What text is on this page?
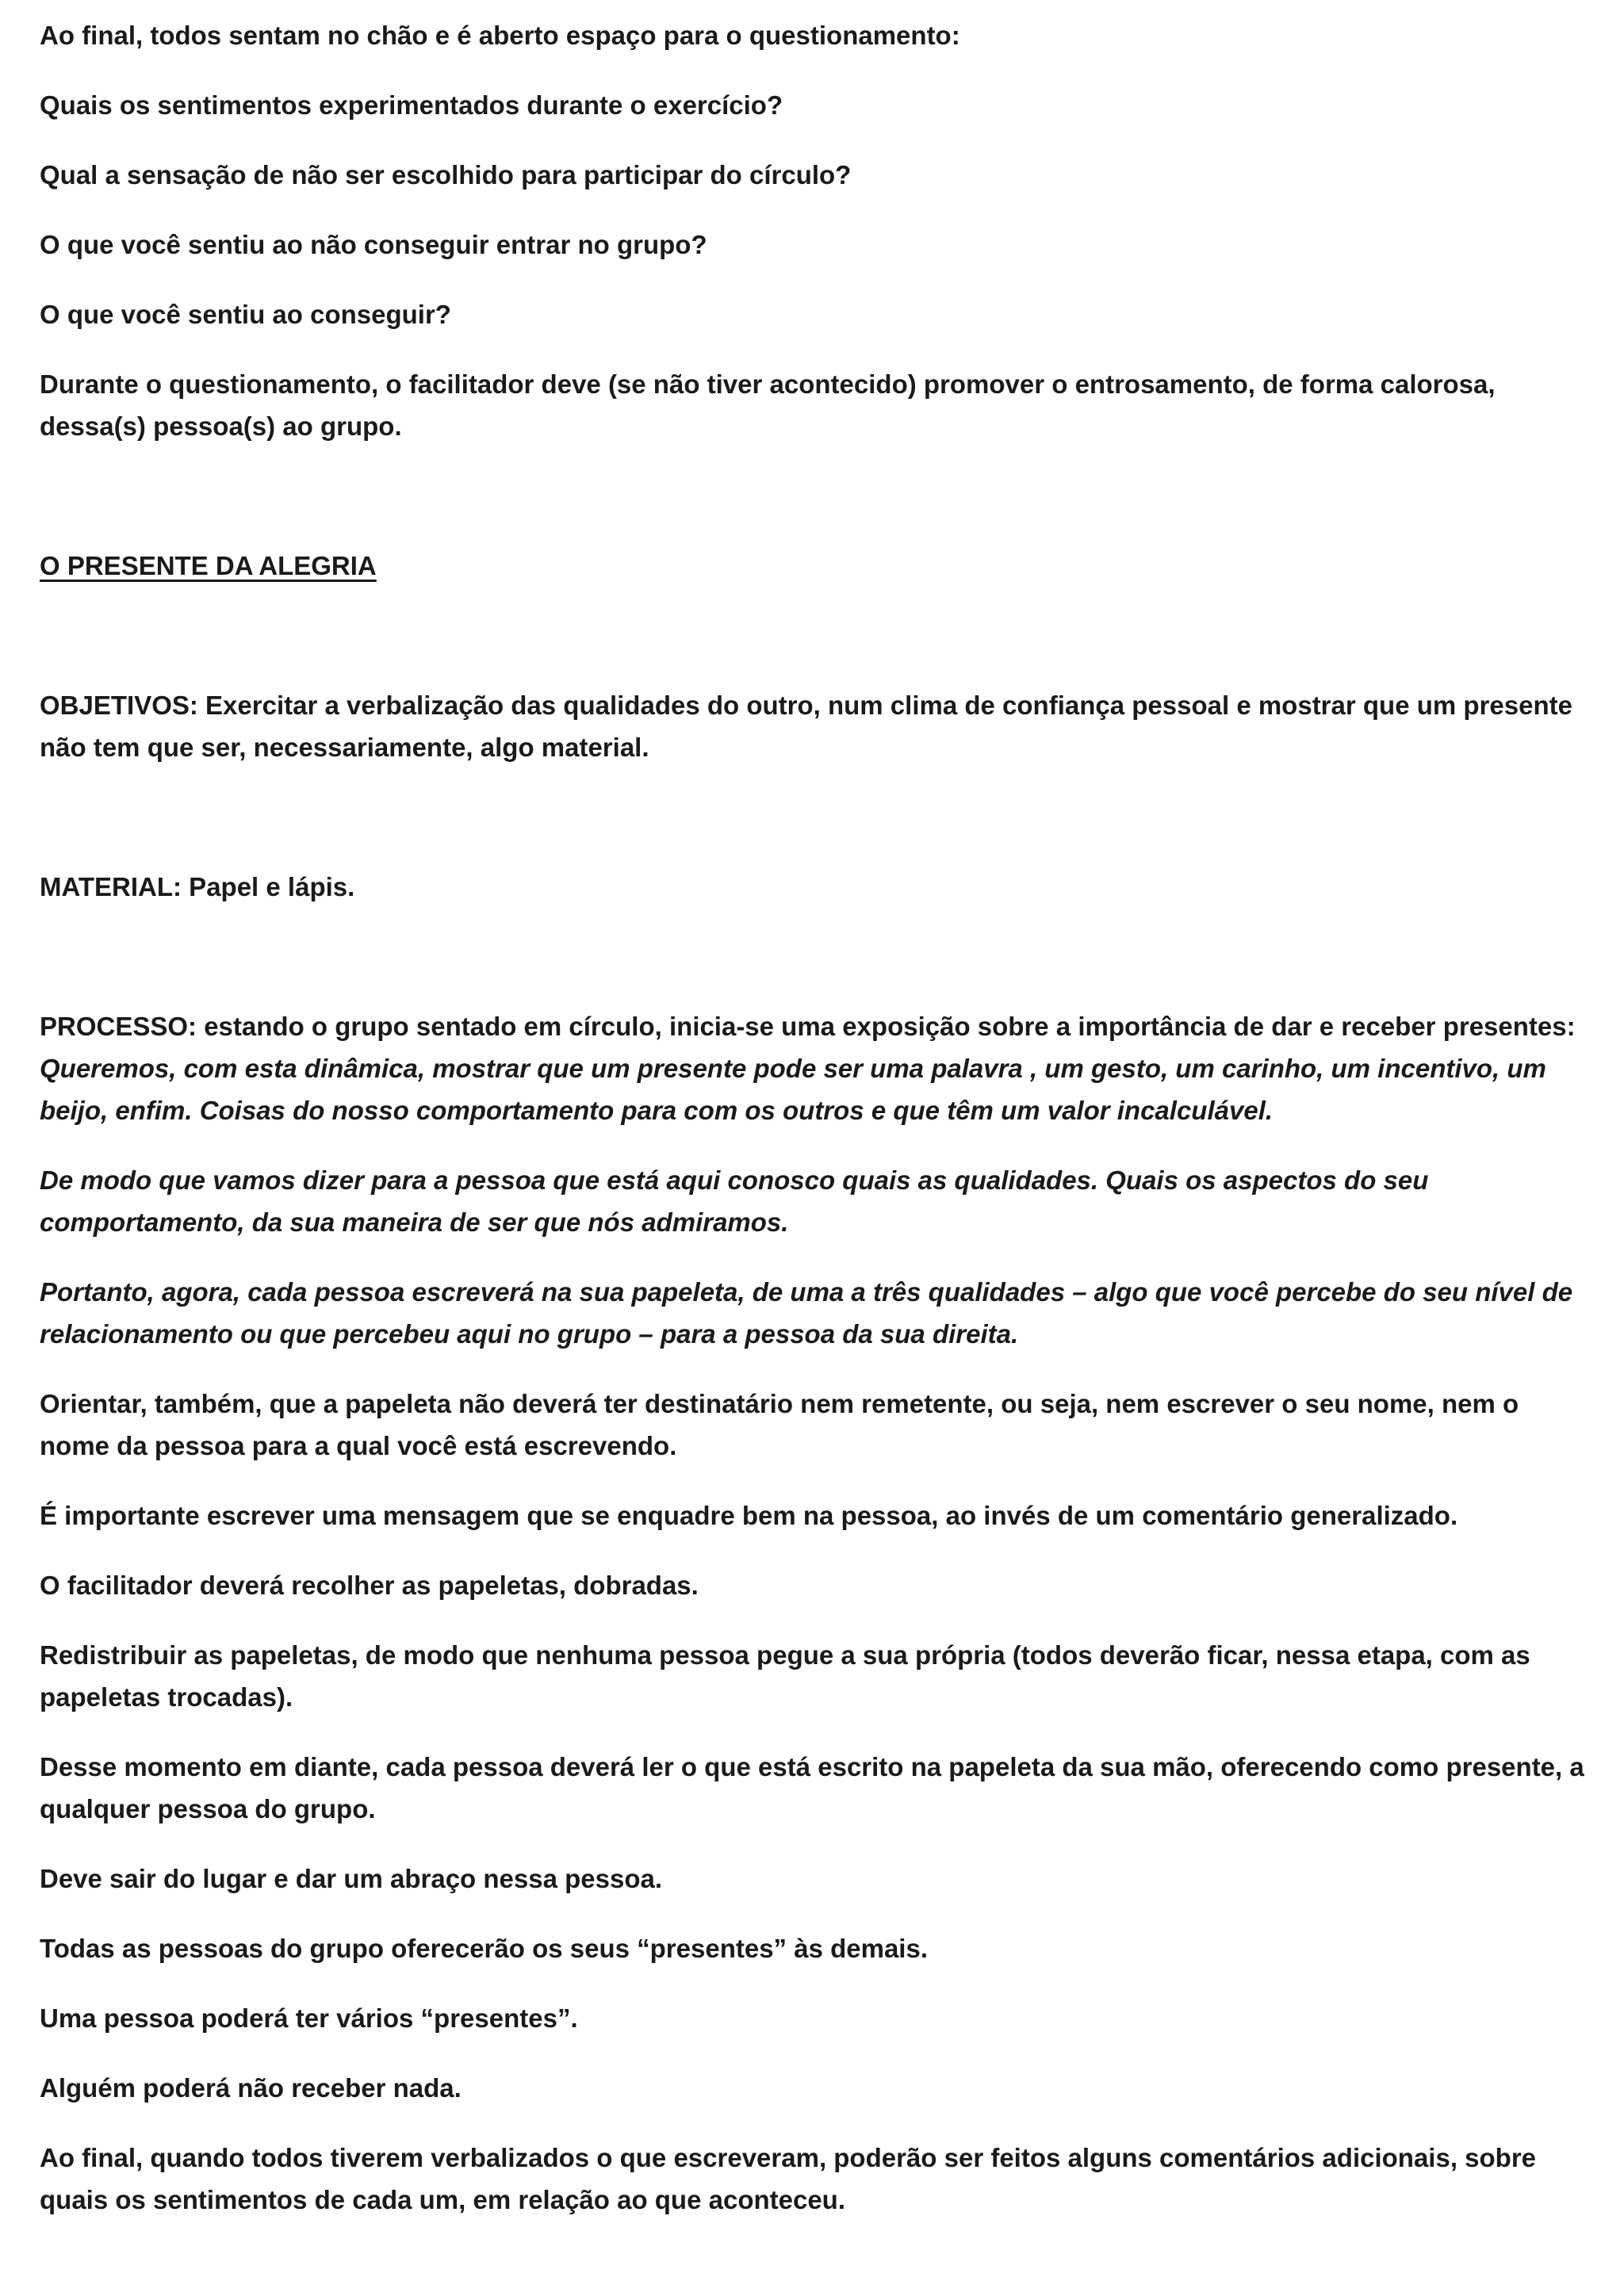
Ao final, todos sentam no chão e é aberto espaço para o questionamento:

Quais os sentimentos experimentados durante o exercício?

Qual a sensação de não ser escolhido para participar do círculo?

O que você sentiu ao não conseguir entrar no grupo?

O que você sentiu ao conseguir?

Durante o questionamento, o facilitador deve (se não tiver acontecido) promover o entrosamento, de forma calorosa, dessa(s) pessoa(s) ao grupo.

O PRESENTE DA ALEGRIA

OBJETIVOS: Exercitar a verbalização das qualidades do outro, num clima de confiança pessoal e mostrar que um presente não tem que ser, necessariamente, algo material.

MATERIAL: Papel e lápis.

PROCESSO: estando o grupo sentado em círculo, inicia-se uma exposição sobre a importância de dar e receber presentes: Queremos, com esta dinâmica, mostrar que um presente pode ser uma palavra , um gesto, um carinho, um incentivo, um beijo, enfim. Coisas do nosso comportamento para com os outros e que têm um valor incalculável.

De modo que vamos dizer para a pessoa que está aqui conosco quais as qualidades. Quais os aspectos do seu comportamento, da sua maneira de ser que nós admiramos.

Portanto, agora, cada pessoa escreverá na sua papeleta, de uma a três qualidades – algo que você percebe do seu nível de relacionamento ou que percebeu aqui no grupo – para a pessoa da sua direita.

Orientar, também, que a papeleta não deverá ter destinatário nem remetente, ou seja, nem escrever o seu nome, nem o nome da pessoa para a qual você está escrevendo.

É importante escrever uma mensagem que se enquadre bem na pessoa, ao invés de um comentário generalizado.

O facilitador deverá recolher as papeletas, dobradas.

Redistribuir as papeletas, de modo que nenhuma pessoa pegue a sua própria (todos deverão ficar, nessa etapa, com as papeletas trocadas).

Desse momento em diante, cada pessoa deverá ler o que está escrito na papeleta da sua mão, oferecendo como presente, a qualquer pessoa do grupo.

Deve sair do lugar e dar um abraço nessa pessoa.

Todas as pessoas do grupo oferecerão os seus “presentes” às demais.

Uma pessoa poderá ter vários “presentes”.

Alguém poderá não receber nada.

Ao final, quando todos tiverem verbalizados o que escreveram, poderão ser feitos alguns comentários adicionais, sobre quais os sentimentos de cada um, em relação ao que aconteceu.
